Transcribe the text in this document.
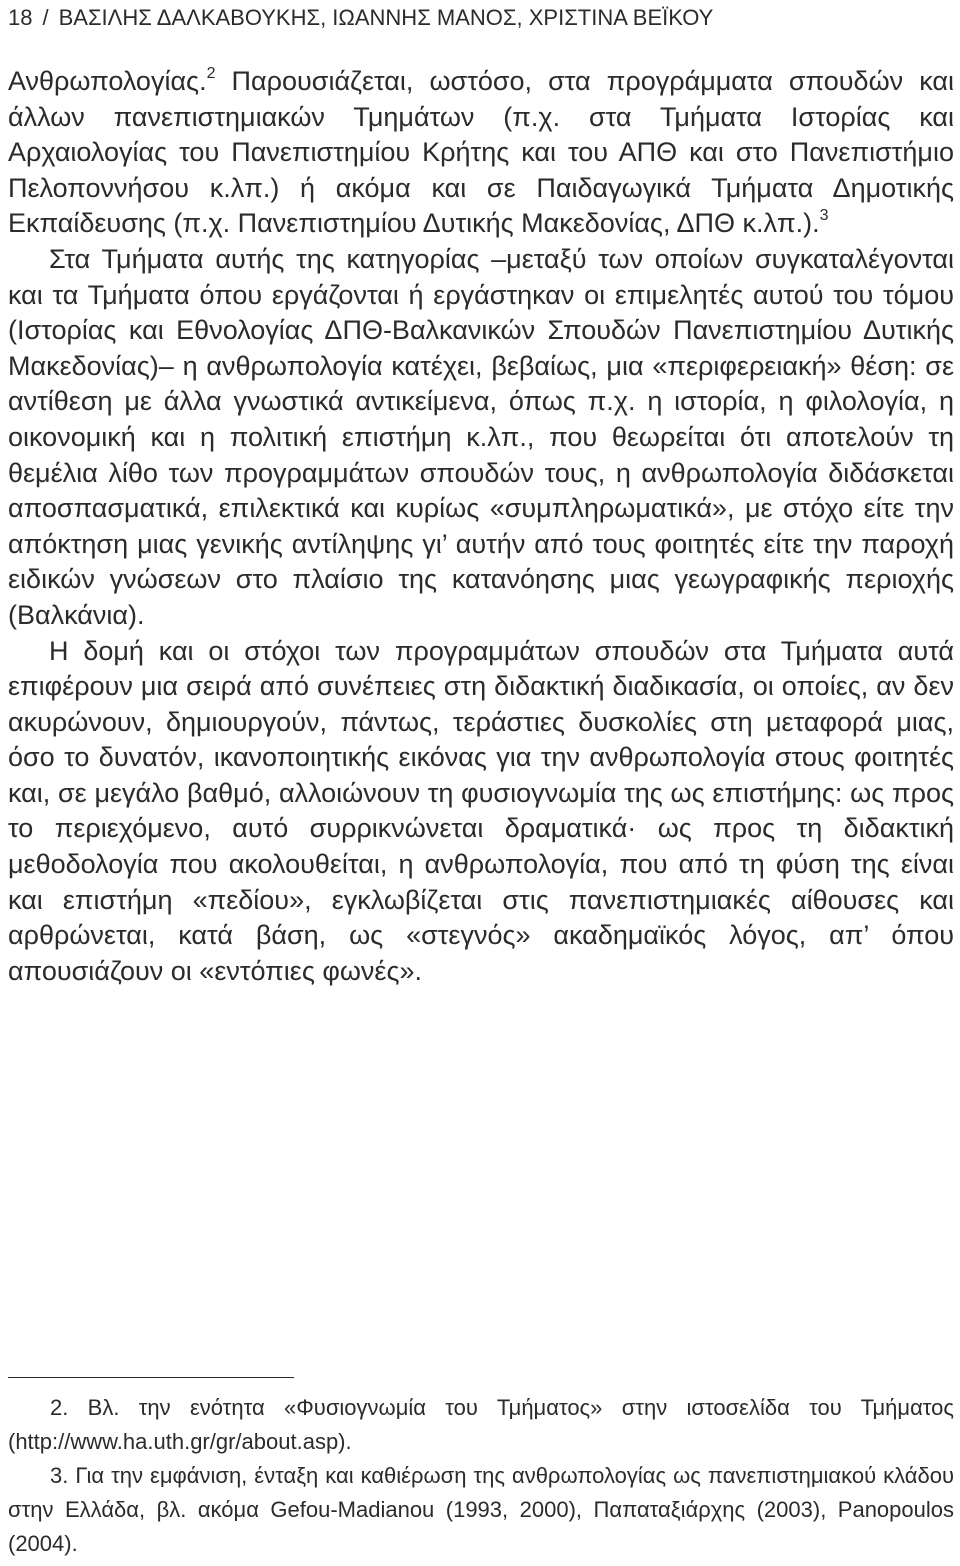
18 / ΒΑΣΙΛΗΣ ΔΑΛΚΑΒΟΥΚΗΣ, ΙΩΑΝΝΗΣ ΜΑΝΟΣ, ΧΡΙΣΤΙΝΑ ΒΕΪΚΟΥ

Ανθρωπολογίας.$^2$ Παρουσιάζεται, ωστόσο, στα προγράμματα σπουδών και άλλων πανεπιστημιακών Τμημάτων (π.χ. στα Τμήματα Ιστορίας και Αρχαιολογίας του Πανεπιστημίου Κρήτης και του ΑΠΘ και στο Πανεπιστήμιο Πελοποννήσου κ.λπ.) ή ακόμα και σε Παιδαγωγικά Τμήματα Δημοτικής Εκπαίδευσης (π.χ. Πανεπιστημίου Δυτικής Μακεδονίας, ΔΠΘ κ.λπ.).$^3$

Στα Τμήματα αυτής της κατηγορίας –μεταξύ των οποίων συγκαταλέγονται και τα Τμήματα όπου εργάζονται ή εργάστηκαν οι επιμελητές αυτού του τόμου (Ιστορίας και Εθνολογίας ΔΠΘ-Βαλκανικών Σπουδών Πανεπιστημίου Δυτικής Μακεδονίας)– η ανθρωπολογία κατέχει, βεβαίως, μια «περιφερειακή» θέση: σε αντίθεση με άλλα γνωστικά αντικείμενα, όπως π.χ. η ιστορία, η φιλολογία, η οικονομική και η πολιτική επιστήμη κ.λπ., που θεωρείται ότι αποτελούν τη θεμέλια λίθο των προγραμμάτων σπουδών τους, η ανθρωπολογία διδάσκεται αποσπασματικά, επιλεκτικά και κυρίως «συμπληρωματικά», με στόχο είτε την απόκτηση μιας γενικής αντίληψης γι’ αυτήν από τους φοιτητές είτε την παροχή ειδικών γνώσεων στο πλαίσιο της κατανόησης μιας γεωγραφικής περιοχής (Βαλκάνια).

Η δομή και οι στόχοι των προγραμμάτων σπουδών στα Τμήματα αυτά επιφέρουν μια σειρά από συνέπειες στη διδακτική διαδικασία, οι οποίες, αν δεν ακυρώνουν, δημιουργούν, πάντως, τεράστιες δυσκολίες στη μεταφορά μιας, όσο το δυνατόν, ικανοποιητικής εικόνας για την ανθρωπολογία στους φοιτητές και, σε μεγάλο βαθμό, αλλοιώνουν τη φυσιογνωμία της ως επιστήμης: ως προς το περιεχόμενο, αυτό συρρικνώνεται δραματικά· ως προς τη διδακτική μεθοδολογία που ακολουθείται, η ανθρωπολογία, που από τη φύση της είναι και επιστήμη «πεδίου», εγκλωβίζεται στις πανεπιστημιακές αίθουσες και αρθρώνεται, κατά βάση, ως «στεγνός» ακαδημαϊκός λόγος, απ’ όπου απουσιάζουν οι «εντόπιες φωνές».

2. Βλ. την ενότητα «Φυσιογνωμία του Τμήματος» στην ιστοσελίδα του Τμήματος (http://www.ha.uth.gr/gr/about.asp).

3. Για την εμφάνιση, ένταξη και καθιέρωση της ανθρωπολογίας ως πανεπιστημιακού κλάδου στην Ελλάδα, βλ. ακόμα Gefou-Madianou (1993, 2000), Παπαταξιάρχης (2003), Panopoulos (2004).
